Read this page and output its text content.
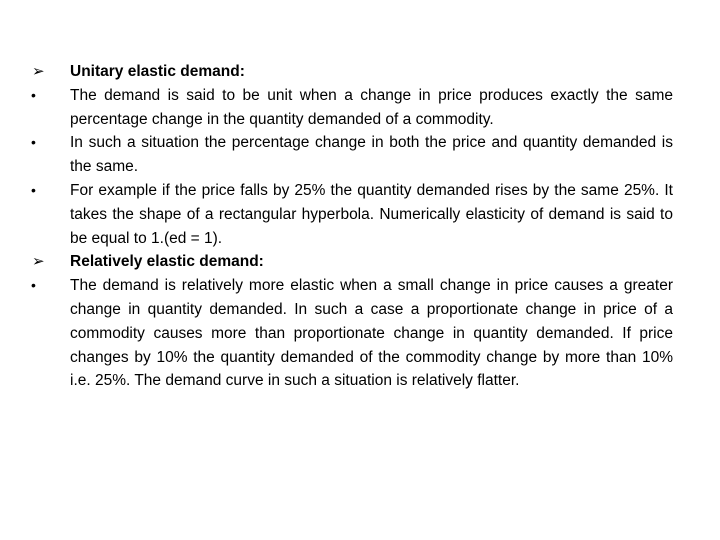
➢	Unitary elastic demand:
•	The demand is said to be unit when a change in price produces exactly the same percentage change in the quantity demanded of a commodity.
•	In such a situation the percentage change in both the price and quantity demanded is the same.
•	For example if the price falls by 25% the quantity demanded rises by the same 25%. It takes the shape of a rectangular hyperbola. Numerically elasticity of demand is said to be equal to 1.(ed = 1).
➢	Relatively elastic demand:
•	The demand is relatively more elastic when a small change in price causes a greater change in quantity demanded. In such a case a proportionate change in price of a commodity causes more than proportionate change in quantity demanded. If price changes by 10% the quantity demanded of the commodity change by more than 10% i.e. 25%. The demand curve in such a situation is relatively flatter.
